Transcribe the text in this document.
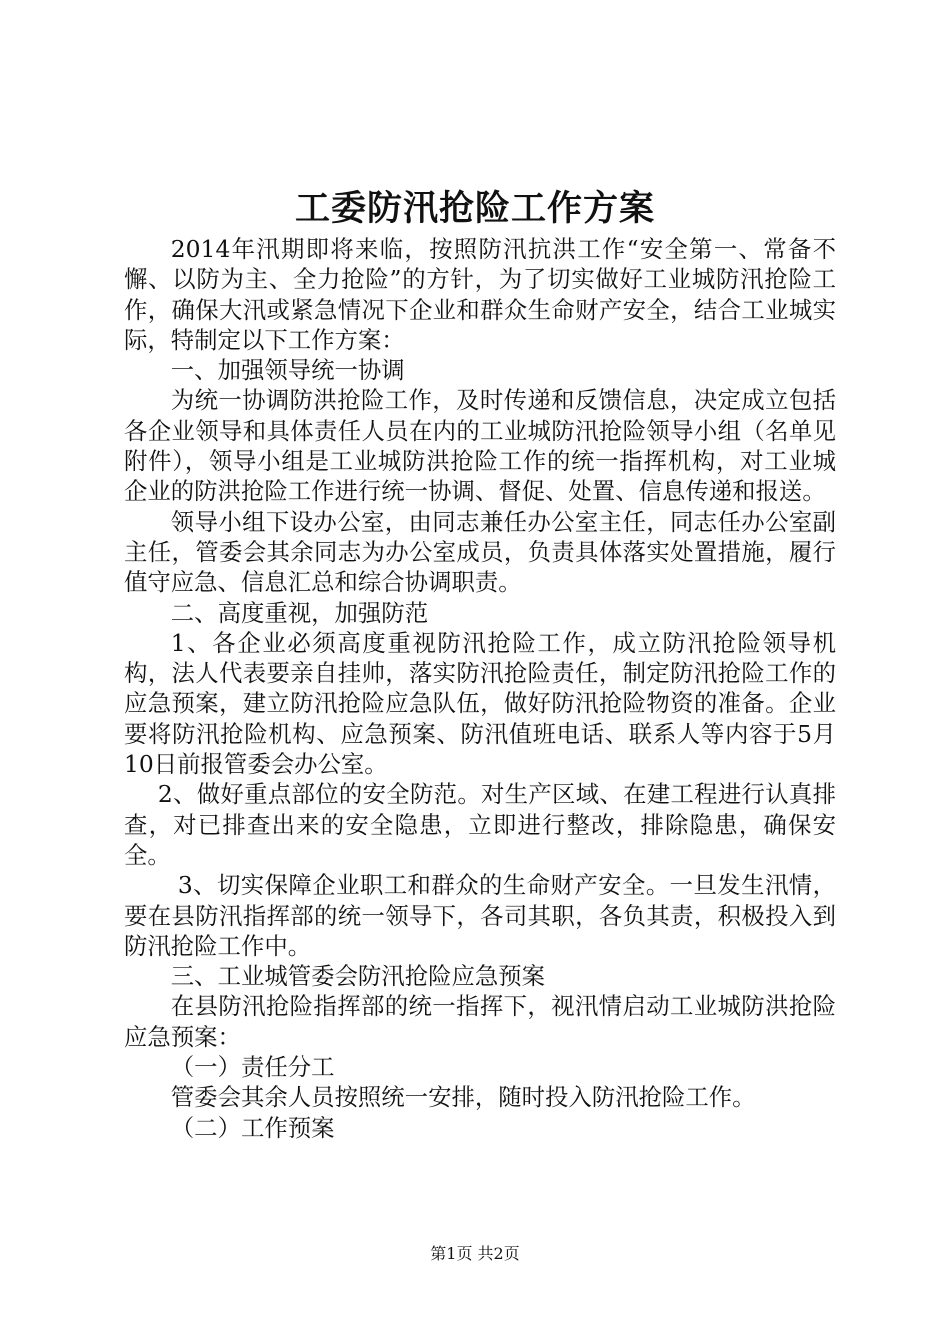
工委防汛抢险工作方案

2014年汛期即将来临，按照防汛抗洪工作“安全第一、常备不懈、以防为主、全力抢险”的方针，为了切实做好工业城防汛抢险工作，确保大汛或紧急情况下企业和群众生命财产安全，结合工业城实际，特制定以下工作方案：

一、加强领导统一协调

为统一协调防洪抢险工作，及时传递和反馈信息，决定成立包括各企业领导和具体责任人员在内的工业城防汛抢险领导小组（名单见附件），领导小组是工业城防洪抢险工作的统一指挥机构，对工业城企业的防洪抢险工作进行统一协调、督促、处置、信息传递和报送。

领导小组下设办公室，由同志兼任办公室主任，同志任办公室副主任，管委会其余同志为办公室成员，负责具体落实处置措施，履行值守应急、信息汇总和综合协调职责。

二、高度重视，加强防范

1、各企业必须高度重视防汛抢险工作，成立防汛抢险领导机构，法人代表要亲自挂帅，落实防汛抢险责任，制定防汛抢险工作的应急预案，建立防汛抢险应急队伍，做好防汛抢险物资的准备。企业要将防汛抢险机构、应急预案、防汛值班电话、联系人等内容于5月10日前报管委会办公室。

2、做好重点部位的安全防范。对生产区域、在建工程进行认真排查，对已排查出来的安全隐患，立即进行整改，排除隐患，确保安全。

3、切实保障企业职工和群众的生命财产安全。一旦发生汛情，要在县防汛指挥部的统一领导下，各司其职，各负其责，积极投入到防汛抢险工作中。

三、工业城管委会防汛抢险应急预案

在县防汛抢险指挥部的统一指挥下，视汛情启动工业城防洪抢险应急预案：

（一）责任分工

管委会其余人员按照统一安排，随时投入防汛抢险工作。

（二）工作预案

第1页 共2页
